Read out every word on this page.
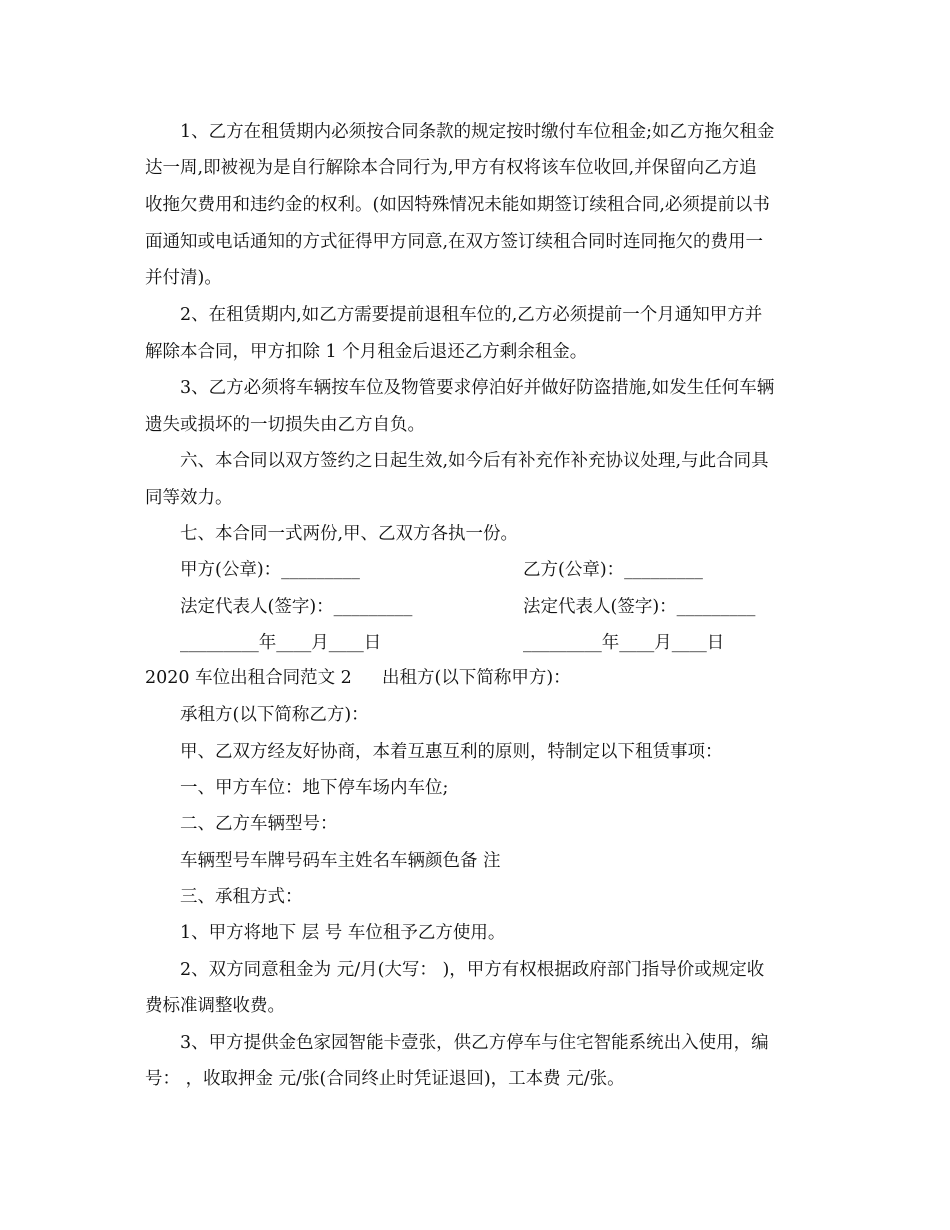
1、乙方在租赁期内必须按合同条款的规定按时缴付车位租金;如乙方拖欠租金
达一周,即被视为是自行解除本合同行为,甲方有权将该车位收回,并保留向乙方追
收拖欠费用和违约金的权利。(如因特殊情况未能如期签订续租合同,必须提前以书
面通知或电话通知的方式征得甲方同意,在双方签订续租合同时连同拖欠的费用一
并付清)。
2、在租赁期内,如乙方需要提前退租车位的,乙方必须提前一个月通知甲方并
解除本合同，甲方扣除 1 个月租金后退还乙方剩余租金。
3、乙方必须将车辆按车位及物管要求停泊好并做好防盗措施,如发生任何车辆
遗失或损坏的一切损失由乙方自负。
六、本合同以双方签约之日起生效,如今后有补充作补充协议处理,与此合同具
同等效力。
七、本合同一式两份,甲、乙双方各执一份。
甲方(公章)：_________	乙方(公章)：_________
法定代表人(签字)：_________	法定代表人(签字)：_________
_________年____月____日	_________年____月____日
2020 车位出租合同范文 2 出租方(以下简称甲方)：
承租方(以下简称乙方)：
甲、乙双方经友好协商，本着互惠互利的原则，特制定以下租赁事项：
一、甲方车位：地下停车场内车位;
二、乙方车辆型号：
车辆型号车牌号码车主姓名车辆颜色备 注
三、承租方式：
1、甲方将地下 层 号 车位租予乙方使用。
2、双方同意租金为 元/月(大写： )，甲方有权根据政府部门指导价或规定收
费标准调整收费。
3、甲方提供金色家园智能卡壹张，供乙方停车与住宅智能系统出入使用，编
号： ，收取押金 元/张(合同终止时凭证退回)，工本费 元/张。
